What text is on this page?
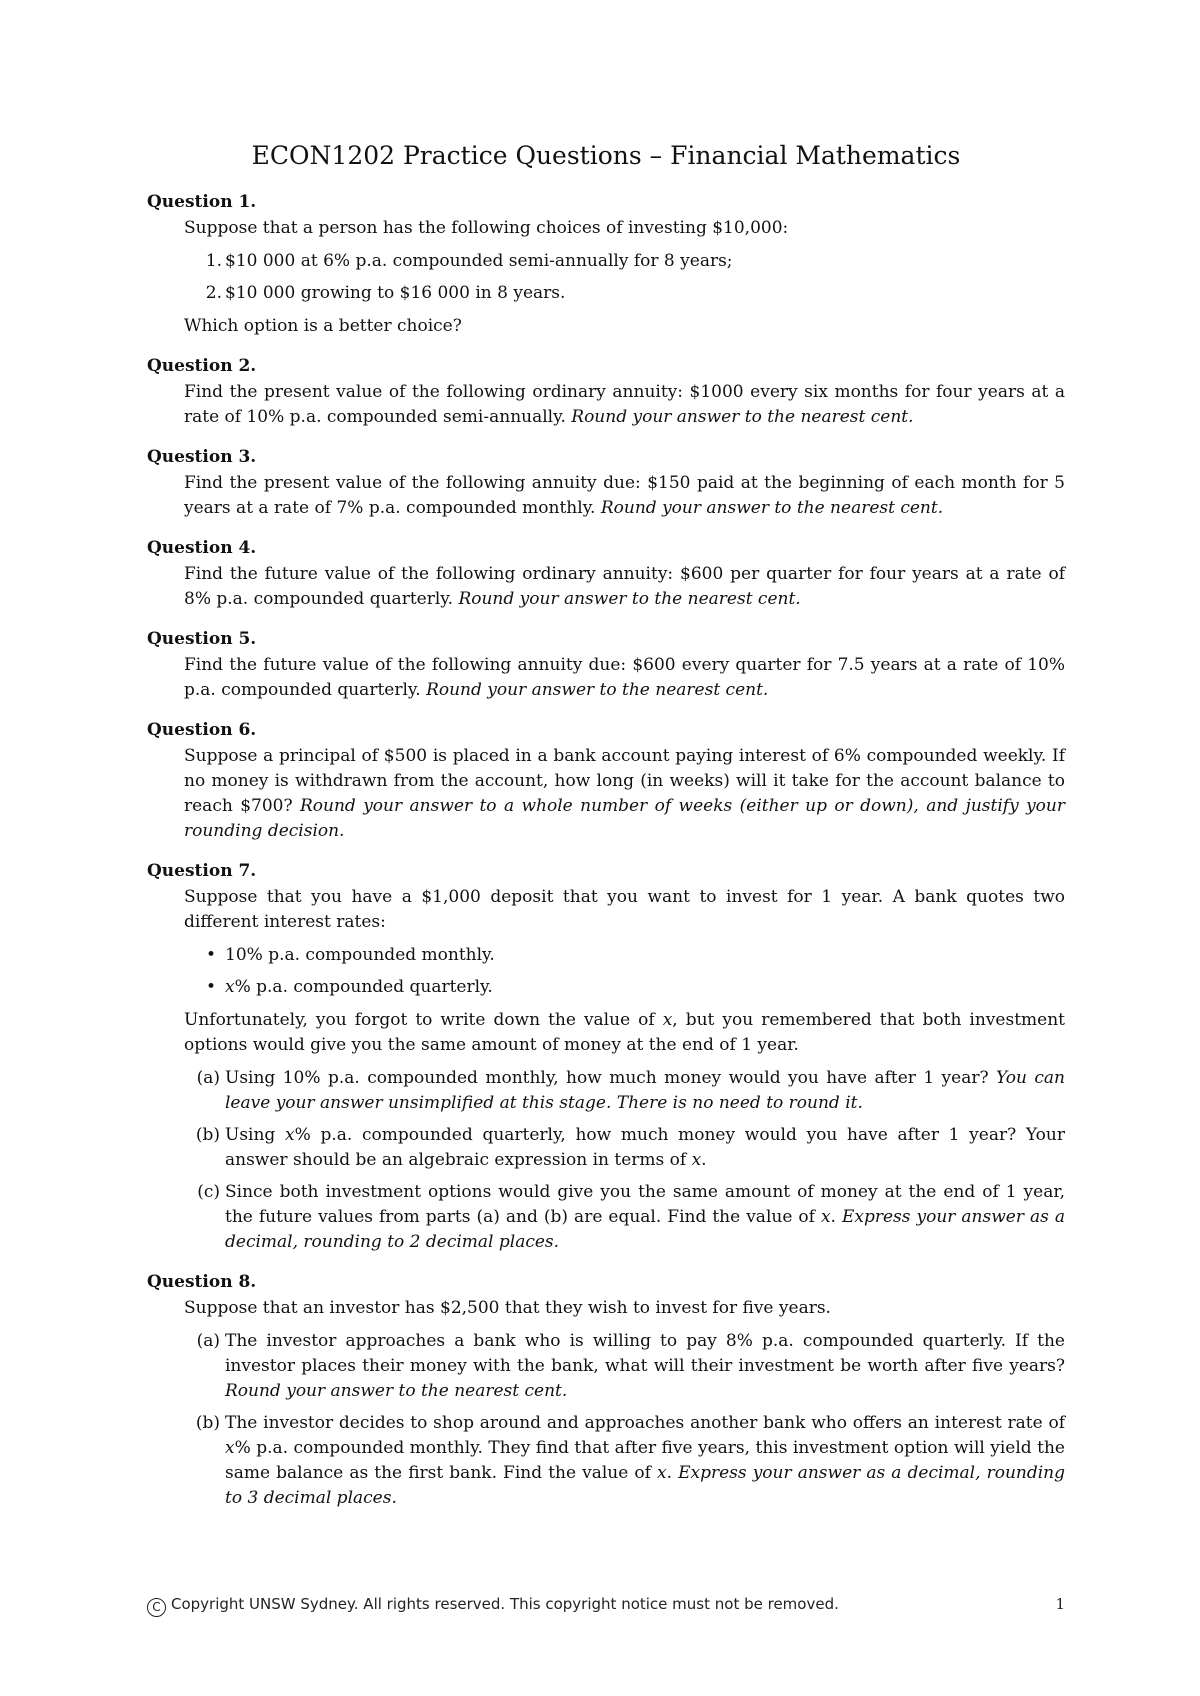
ECON1202 Practice Questions – Financial Mathematics
Question 1.

Suppose that a person has the following choices of investing $10,000:

1. $10 000 at 6% p.a. compounded semi-annually for 8 years;
2. $10 000 growing to $16 000 in 8 years.

Which option is a better choice?

Question 2.

Find the present value of the following ordinary annuity: $1000 every six months for four years at a rate of 10% p.a. compounded semi-annually. Round your answer to the nearest cent.

Question 3.

Find the present value of the following annuity due: $150 paid at the beginning of each month for 5 years at a rate of 7% p.a. compounded monthly. Round your answer to the nearest cent.

Question 4.

Find the future value of the following ordinary annuity: $600 per quarter for four years at a rate of 8% p.a. compounded quarterly. Round your answer to the nearest cent.

Question 5.

Find the future value of the following annuity due: $600 every quarter for 7.5 years at a rate of 10% p.a. compounded quarterly. Round your answer to the nearest cent.

Question 6.

Suppose a principal of $500 is placed in a bank account paying interest of 6% compounded weekly. If no money is withdrawn from the account, how long (in weeks) will it take for the account balance to reach $700? Round your answer to a whole number of weeks (either up or down), and justify your rounding decision.

Question 7.

Suppose that you have a $1,000 deposit that you want to invest for 1 year. A bank quotes two different interest rates:

• 10% p.a. compounded monthly.
• x% p.a. compounded quarterly.

Unfortunately, you forgot to write down the value of x, but you remembered that both investment options would give you the same amount of money at the end of 1 year.

(a) Using 10% p.a. compounded monthly, how much money would you have after 1 year? You can leave your answer unsimplified at this stage. There is no need to round it.
(b) Using x% p.a. compounded quarterly, how much money would you have after 1 year? Your answer should be an algebraic expression in terms of x.
(c) Since both investment options would give you the same amount of money at the end of 1 year, the future values from parts (a) and (b) are equal. Find the value of x. Express your answer as a decimal, rounding to 2 decimal places.
Question 8.

Suppose that an investor has $2,500 that they wish to invest for five years.

(a) The investor approaches a bank who is willing to pay 8% p.a. compounded quarterly. If the investor places their money with the bank, what will their investment be worth after five years? Round your answer to the nearest cent.
(b) The investor decides to shop around and approaches another bank who offers an interest rate of x% p.a. compounded monthly. They find that after five years, this investment option will yield the same balance as the first bank. Find the value of x. Express your answer as a decimal, rounding to 3 decimal places.
C Copyright UNSW Sydney. All rights reserved. This copyright notice must not be removed.	1
